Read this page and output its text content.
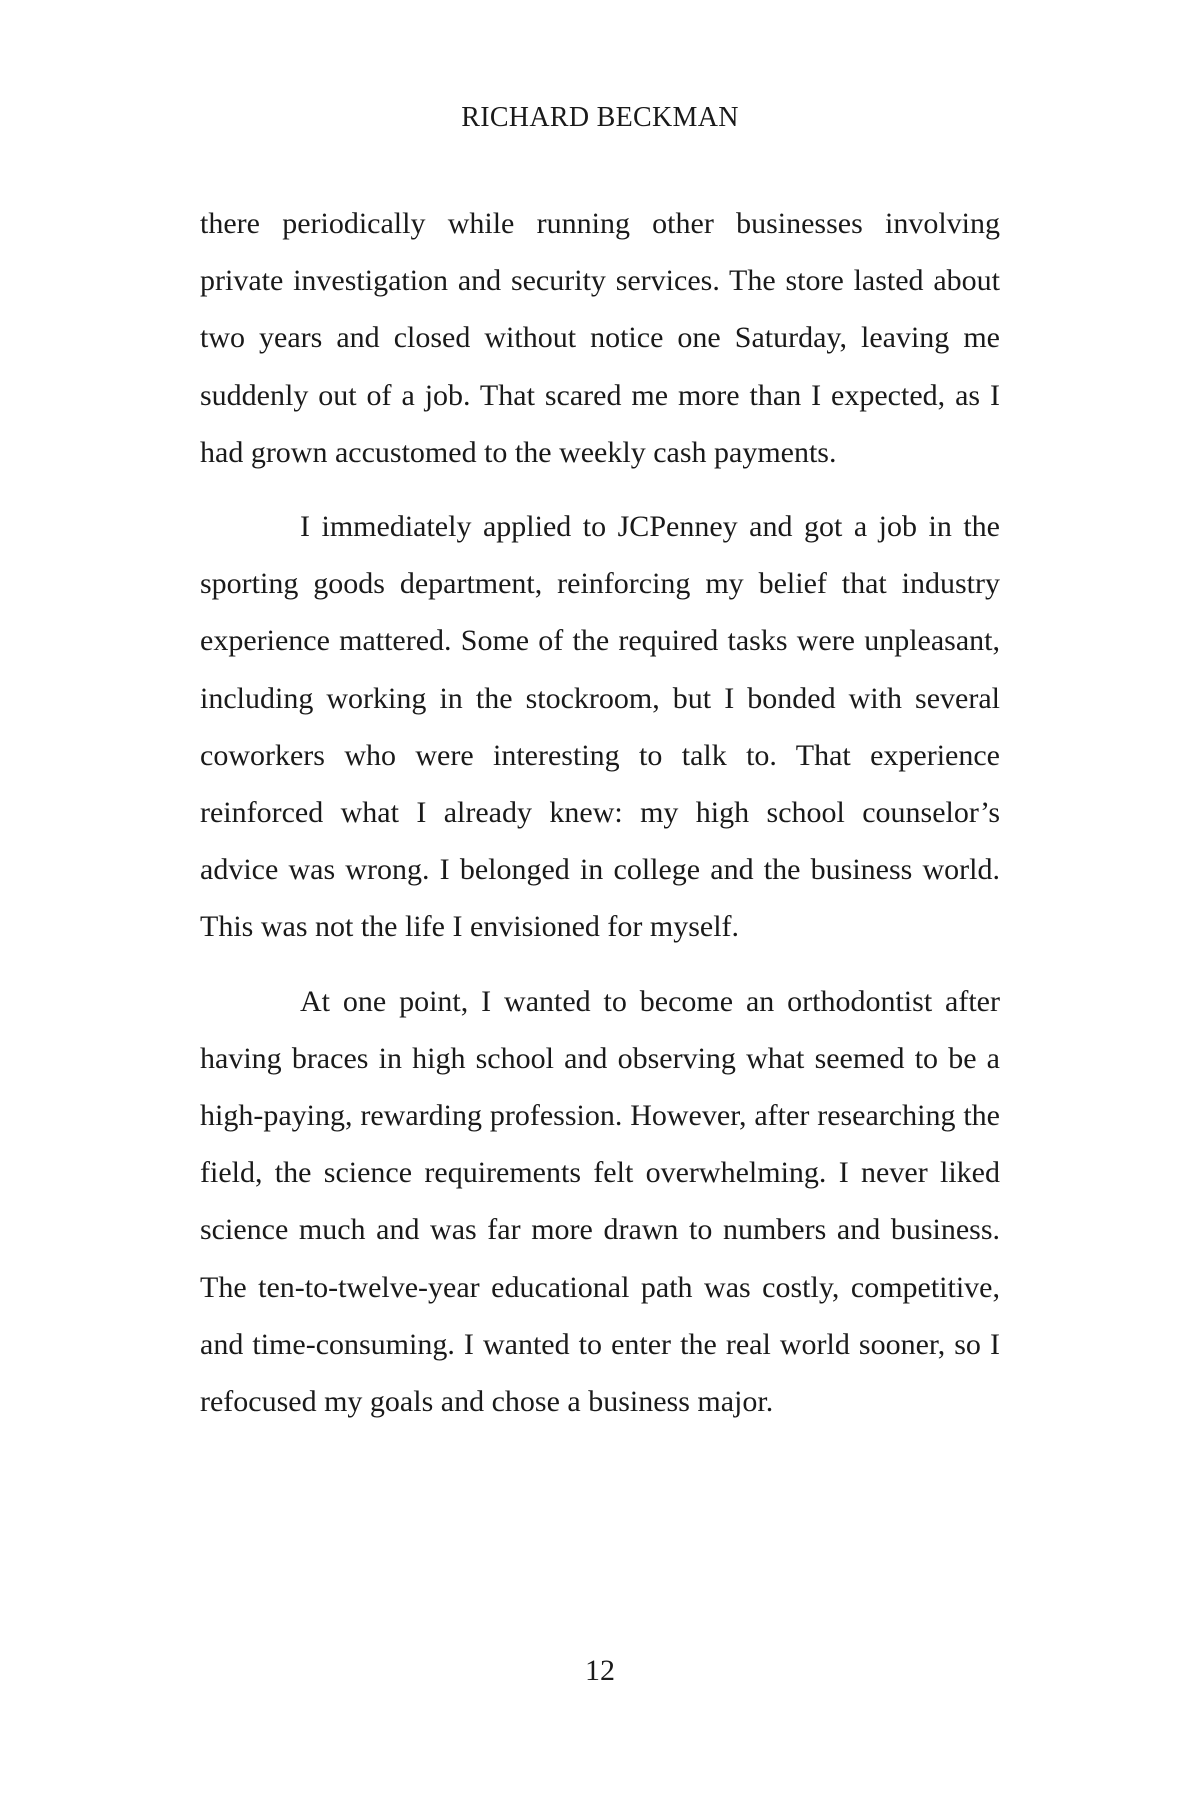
RICHARD BECKMAN

there periodically while running other businesses involving private investigation and security services. The store lasted about two years and closed without notice one Saturday, leaving me suddenly out of a job. That scared me more than I expected, as I had grown accustomed to the weekly cash payments.

I immediately applied to JCPenney and got a job in the sporting goods department, reinforcing my belief that industry experience mattered. Some of the required tasks were unpleasant, including working in the stockroom, but I bonded with several coworkers who were interesting to talk to. That experience reinforced what I already knew: my high school counselor’s advice was wrong. I belonged in college and the business world. This was not the life I envisioned for myself.

At one point, I wanted to become an orthodontist after having braces in high school and observing what seemed to be a high-paying, rewarding profession. However, after researching the field, the science requirements felt overwhelming. I never liked science much and was far more drawn to numbers and business. The ten-to-twelve-year educational path was costly, competitive, and time-consuming. I wanted to enter the real world sooner, so I refocused my goals and chose a business major.

12
